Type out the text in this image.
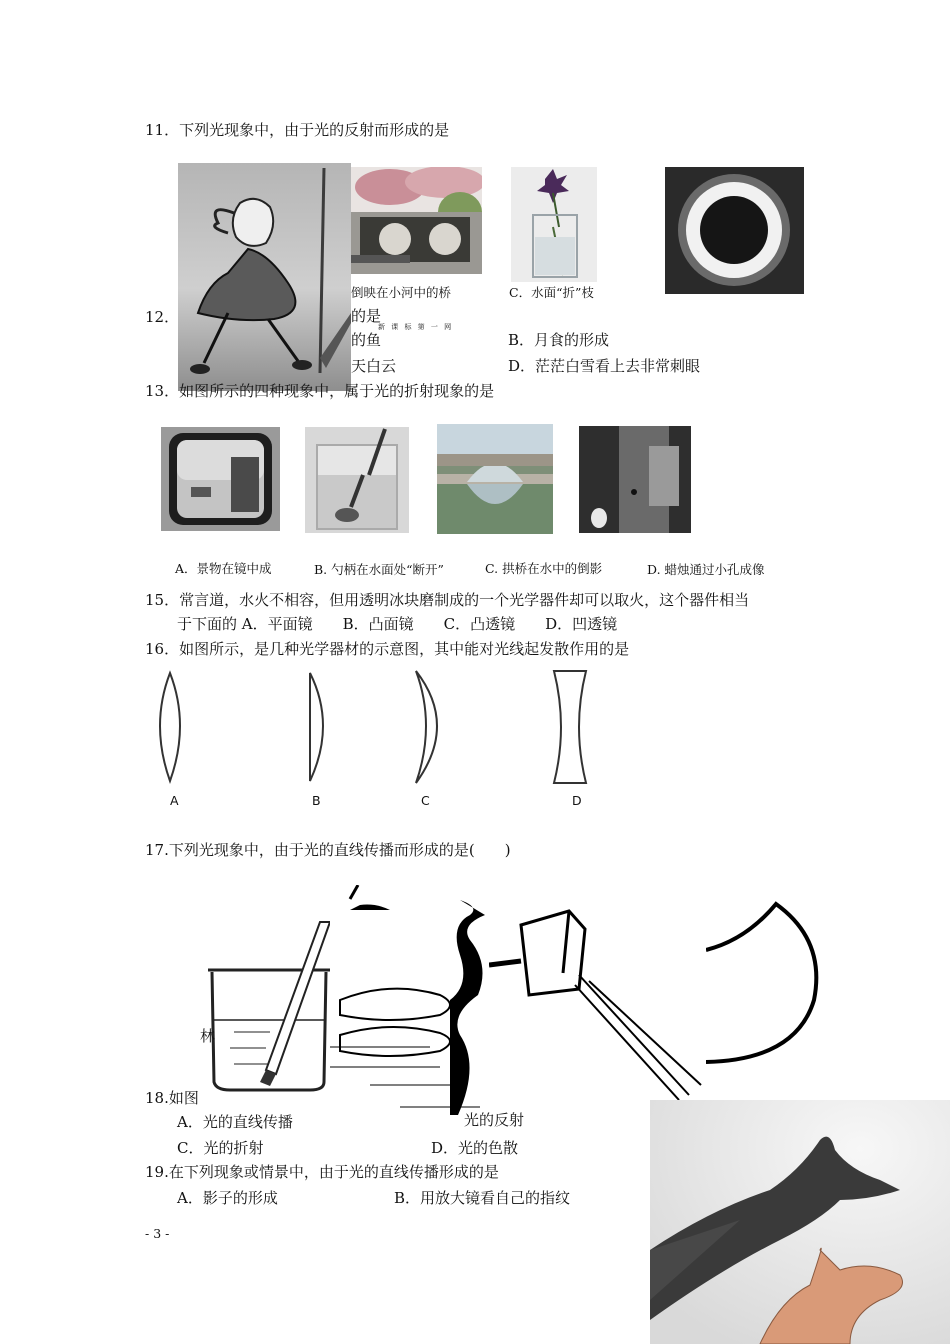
11．下列光现象中，由于光的反射而形成的是
倒映在小河中的桥	C．水面“折”枝
12．	的是
新 课 标 第 一 网
的鱼	B．月食的形成
天白云	D．茫茫白雪看上去非常刺眼
13．如图所示的四种现象中，属于光的折射现象的是
A．景物在镜中成	B. 勺柄在水面处“断开”	C. 拱桥在水中的倒影	D. 蜡烛通过小孔成像
15．常言道，水火不相容，但用透明冰块磨制成的一个光学器件却可以取火，这个器件相当
于下面的 A．平面镜　　B．凸面镜　　C．凸透镜　　D．凹透镜
16．如图所示，是几种光学器材的示意图，其中能对光线起发散作用的是
A	B	C	D
17.下列光现象中，由于光的直线传播而形成的是(　　)
林
18.如图
A．光的直线传播	光的反射
C．光的折射	D．光的色散
19.在下列现象或情景中，由于光的直线传播形成的是
A．影子的形成	B．用放大镜看自己的指纹
- 3 -
